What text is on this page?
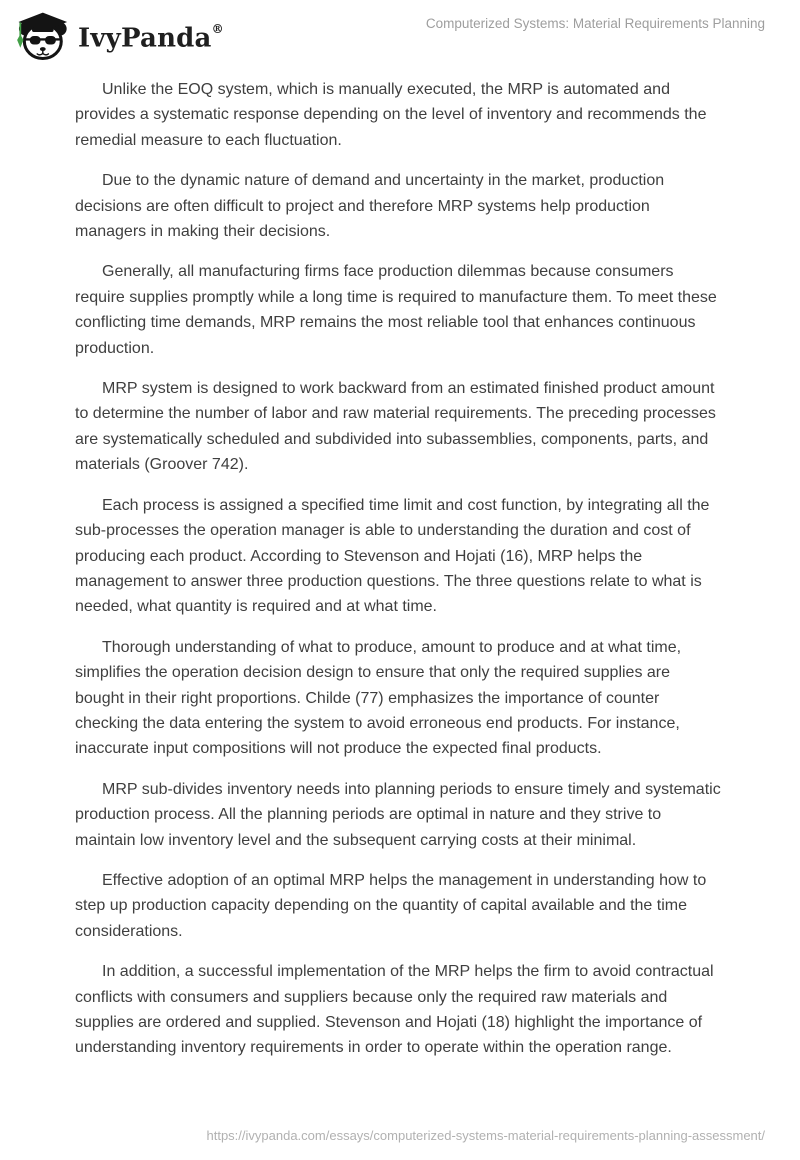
IvyPanda®	Computerized Systems: Material Requirements Planning

Unlike the EOQ system, which is manually executed, the MRP is automated and provides a systematic response depending on the level of inventory and recommends the remedial measure to each fluctuation.

Due to the dynamic nature of demand and uncertainty in the market, production decisions are often difficult to project and therefore MRP systems help production managers in making their decisions.

Generally, all manufacturing firms face production dilemmas because consumers require supplies promptly while a long time is required to manufacture them. To meet these conflicting time demands, MRP remains the most reliable tool that enhances continuous production.

MRP system is designed to work backward from an estimated finished product amount to determine the number of labor and raw material requirements. The preceding processes are systematically scheduled and subdivided into subassemblies, components, parts, and materials (Groover 742).

Each process is assigned a specified time limit and cost function, by integrating all the sub-processes the operation manager is able to understanding the duration and cost of producing each product. According to Stevenson and Hojati (16), MRP helps the management to answer three production questions. The three questions relate to what is needed, what quantity is required and at what time.

Thorough understanding of what to produce, amount to produce and at what time, simplifies the operation decision design to ensure that only the required supplies are bought in their right proportions. Childe (77) emphasizes the importance of counter checking the data entering the system to avoid erroneous end products. For instance, inaccurate input compositions will not produce the expected final products.

MRP sub-divides inventory needs into planning periods to ensure timely and systematic production process. All the planning periods are optimal in nature and they strive to maintain low inventory level and the subsequent carrying costs at their minimal.

Effective adoption of an optimal MRP helps the management in understanding how to step up production capacity depending on the quantity of capital available and the time considerations.

In addition, a successful implementation of the MRP helps the firm to avoid contractual conflicts with consumers and suppliers because only the required raw materials and supplies are ordered and supplied. Stevenson and Hojati (18) highlight the importance of understanding inventory requirements in order to operate within the operation range.

https://ivypanda.com/essays/computerized-systems-material-requirements-planning-assessment/
